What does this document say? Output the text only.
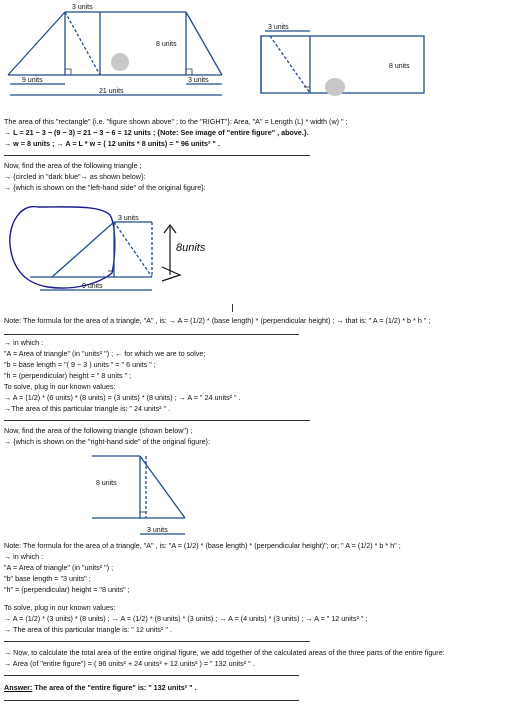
3 units
8 units
9 units	3 units
21 units
3 units
8 units
The area of this "rectangle" {i.e. "figure shown above" ; to the "RIGHT"}: Area, "A" = Length (L) * width (w) " ;
→ L = 21 − 3 − (9 − 3) = 21 − 3 − 6 = 12 units ; {Note: See image of "entire figure" , above.}.
→ w = 8 units ; → A = L * w = ( 12 units * 8 units) = " 96 units² " .
Now, find the area of the following triangle ;
→ {circled in "dark blue"→ as shown below}:
→ {which is shown on the "left-hand side" of the original figure}:
3 units
9 units
8units
Note: The formula for the area of a triangle, "A" , is: → A = (1/2) * (base length) * (perpendicular height) ; → that is: " A = (1/2) * b * h " ;
→ in which :
"A = Area of triangle" (in "units² ") ; ← for which we are to solve;
"b = base length = "( 9 − 3 ) units " = " 6 units " ;
"h = (perpendicular) height = " 8 units " ;
To solve, plug in our known values:
→ A = (1/2) * (6 units) * (8 units) = (3 units) * (8 units) ; → A = " 24 units² " .
→The area of this particular triangle is: " 24 units² " .
Now, find the area of the following triangle (shown below") ;
→ {which is shown on the "right-hand side" of the original figure}:
8 units
3 units
Note: The formula for the area of a triangle, "A" , is: "A = (1/2) * (base length) * (perpendicular height)"; or; " A = (1/2) * b * h" ;
→ in which :
"A = Area of triangle" (in "units² ") ;
"b" base length = "3 units" ;
"h" = (perpendicular) height = "8 units" ;
To solve, plug in our known values:
→ A = (1/2) * (3 units) * (8 units) ; → A = (1/2) * (8 units) * (3 units) ; → A = (4 units) * (3 units) ; → A = " 12 units² " ;
→ The area of this particular triangle is: " 12 units² " .
→ Now, to calculate the total area of the entire original figure, we add together of the calculated areas of the three parts of the entire figure:
→ Area (of "entire figure") = ( 96 units² + 24 units² + 12 units² ) = " 132 units² " .
Answer: The area of the "entire figure" is: " 132 units² " .
